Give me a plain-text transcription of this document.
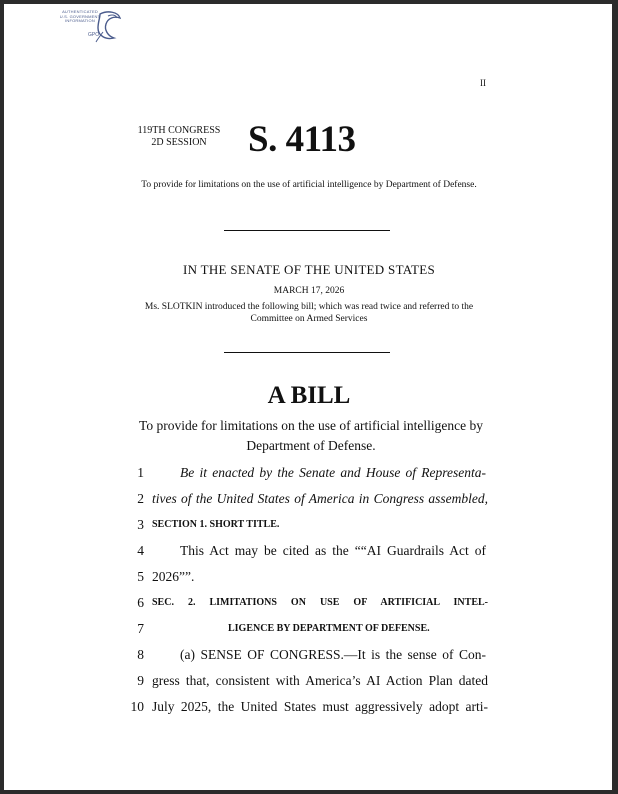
AUTHENTICATED
U.S. GOVERNMENT
INFORMATION
GPO
II
119TH CONGRESS
2D SESSION	S. 4113
To provide for limitations on the use of artificial intelligence by Department of Defense.
IN THE SENATE OF THE UNITED STATES
MARCH 17, 2026
Ms. SLOTKIN introduced the following bill; which was read twice and referred to the Committee on Armed Services
A BILL
To provide for limitations on the use of artificial intelligence by Department of Defense.
1	Be it enacted by the Senate and House of Representa-
2 tives of the United States of America in Congress assembled,
3 SECTION 1. SHORT TITLE.
4	This Act may be cited as the ““AI Guardrails Act of
5 2026””.
6 SEC. 2. LIMITATIONS ON USE OF ARTIFICIAL INTEL-
7	LIGENCE BY DEPARTMENT OF DEFENSE.
8	(a) SENSE OF CONGRESS.—It is the sense of Con-
9 gress that, consistent with America’s AI Action Plan dated
10 July 2025, the United States must aggressively adopt arti-
